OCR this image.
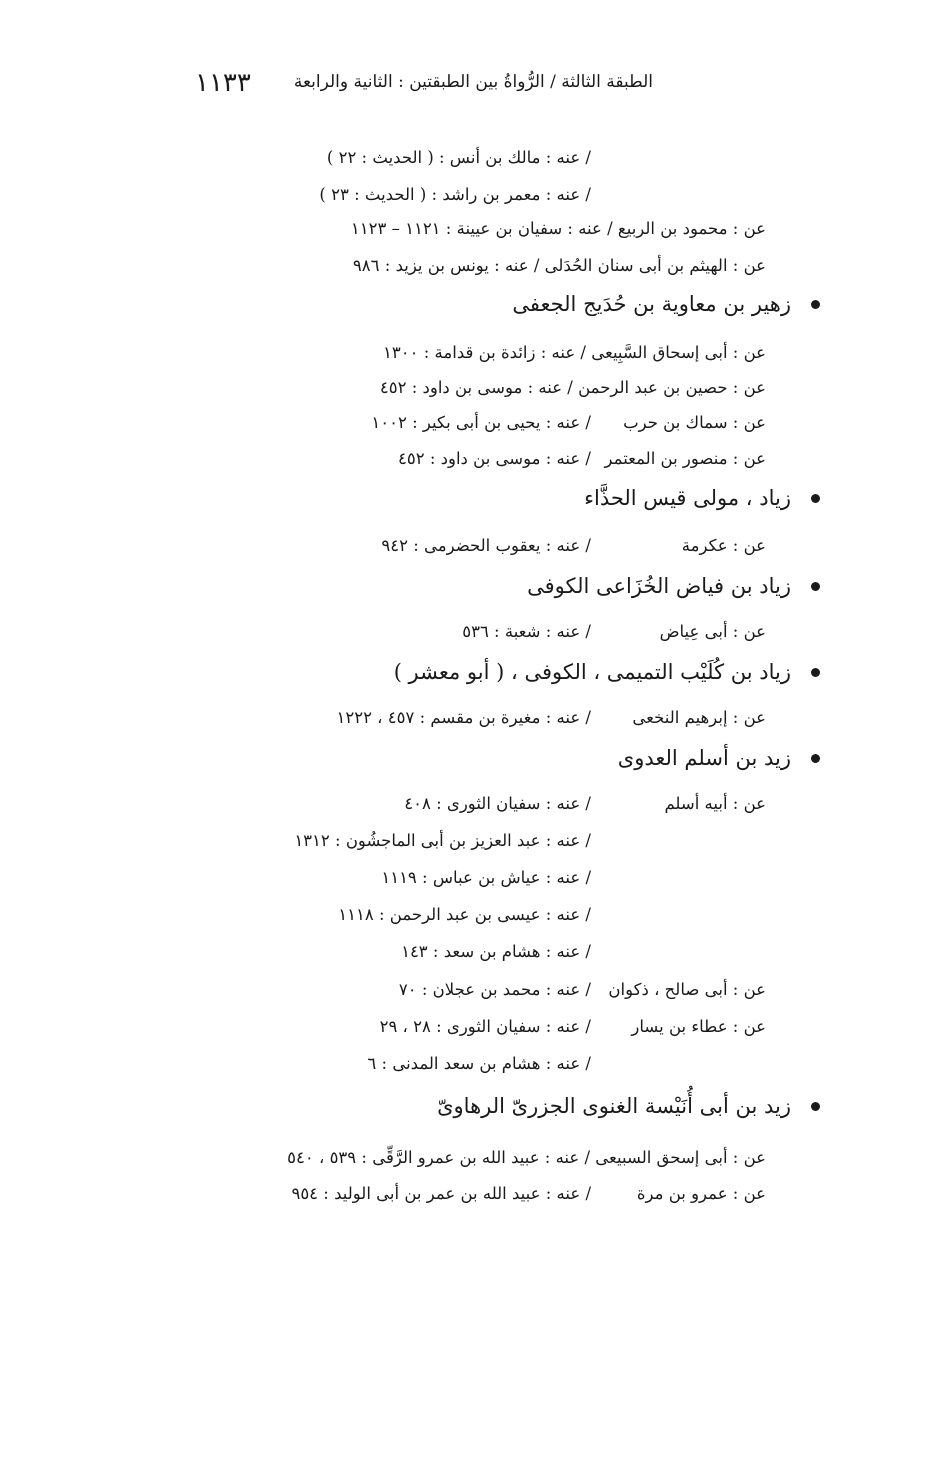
١١٣٣	الطبقة الثالثة / الرُّواةُ بين الطبقتين : الثانية والرابعة
/ عنه : مالك بن أنس : ( الحديث : ٢٢ )
/ عنه : معمر بن راشد : ( الحديث : ٢٣ )
عن : محمود بن الربيع / عنه : سفيان بن عيينة : ١١٢١ – ١١٢٣
عن : الهيثم بن أبى سنان الحُدَلى / عنه : يونس بن يزيد : ٩٨٦
زهير بن معاوية بن حُدَيج الجعفى
عن : أبى إسحاق السَّبِيعى / عنه : زائدة بن قدامة : ١٣٠٠
عن : حصين بن عبد الرحمن / عنه : موسى بن داود : ٤٥٢
عن : سماك بن حرب
/ عنه : يحيى بن أبى بكير : ١٠٠٢
عن : منصور بن المعتمر
/ عنه : موسى بن داود : ٤٥٢
زياد ، مولى قيس الحذَّاء
عن : عكرمة
/ عنه : يعقوب الحضرمى : ٩٤٢
زياد بن فياض الخُزَاعى الكوفى
عن : أبى عِياض
/ عنه : شعبة : ٥٣٦
زياد بن كُلَيْب التميمى ، الكوفى ، ( أبو معشر )
عن : إبرهيم النخعى
/ عنه : مغيرة بن مقسم : ٤٥٧ ، ١٢٢٢
زيد بن أسلم العدوى
عن : أبيه أسلم
/ عنه : سفيان الثورى : ٤٠٨
/ عنه : عبد العزيز بن أبى الماجشُون : ١٣١٢
/ عنه : عياش بن عباس : ١١١٩
/ عنه : عيسى بن عبد الرحمن : ١١١٨
/ عنه : هشام بن سعد : ١٤٣
عن : أبى صالح ، ذكوان
/ عنه : محمد بن عجلان : ٧٠
عن : عطاء بن يسار
/ عنه : سفيان الثورى : ٢٨ ، ٢٩
/ عنه : هشام بن سعد المدنى : ٦
زيد بن أبى أُنَيْسة الغنوى الجزرىّ الرهاوىّ
عن : أبى إسحق السبيعى / عنه : عبيد الله بن عمرو الرَّقِّى : ٥٣٩ ، ٥٤٠
عن : عمرو بن مرة
/ عنه : عبيد الله بن عمر بن أبى الوليد : ٩٥٤
